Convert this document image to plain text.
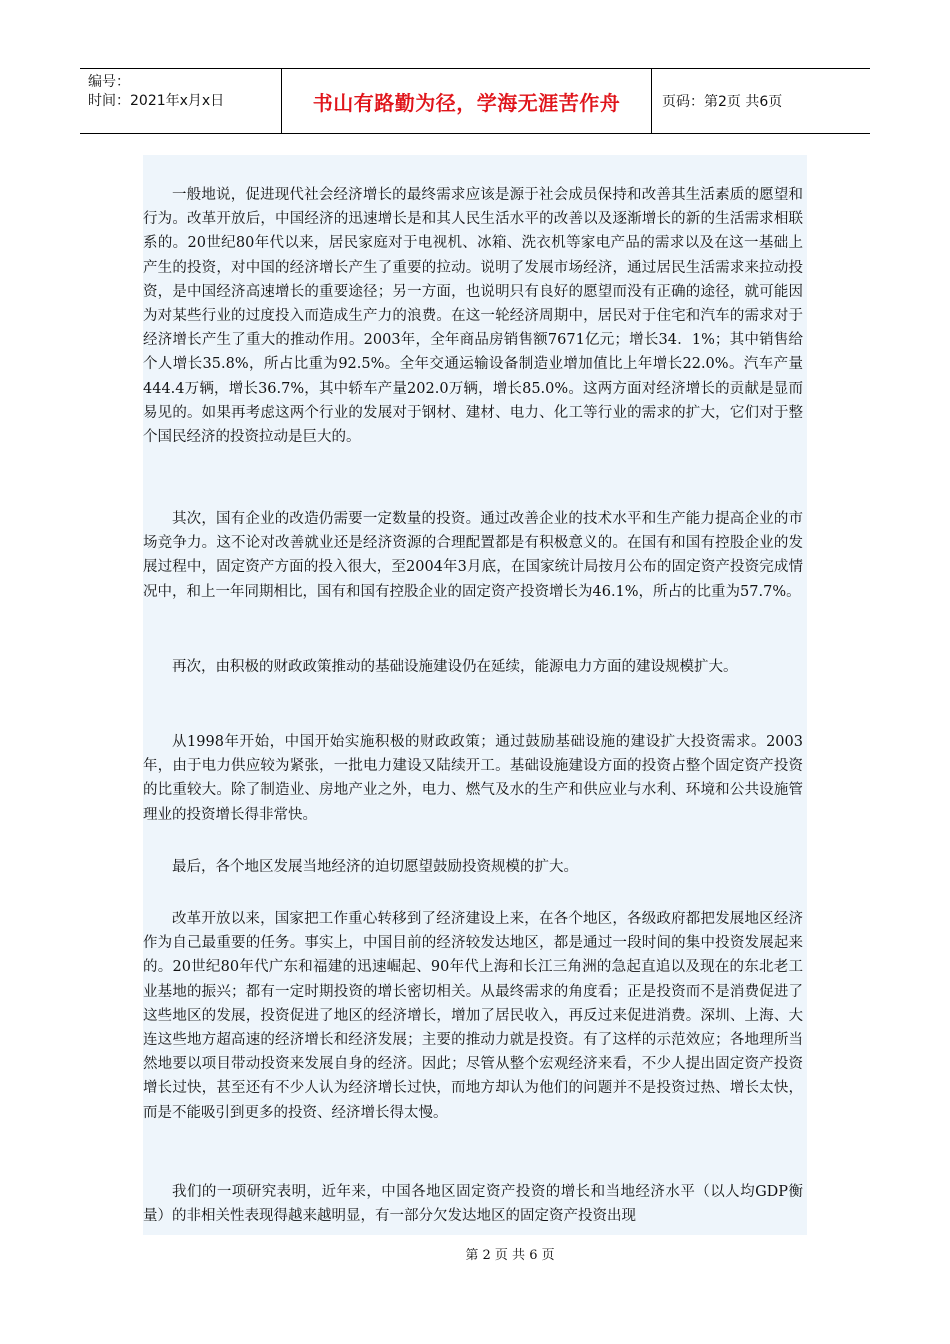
编号：
时间：2021年x月x日	书山有路勤为径，学海无涯苦作舟	页码：第2页 共6页

一般地说，促进现代社会经济增长的最终需求应该是源于社会成员保持和改善其生活素质的愿望和行为。改革开放后，中国经济的迅速增长是和其人民生活水平的改善以及逐渐增长的新的生活需求相联系的。20世纪80年代以来，居民家庭对于电视机、冰箱、洗衣机等家电产品的需求以及在这一基础上产生的投资，对中国的经济增长产生了重要的拉动。说明了发展市场经济，通过居民生活需求来拉动投资，是中国经济高速增长的重要途径；另一方面，也说明只有良好的愿望而没有正确的途径，就可能因为对某些行业的过度投入而造成生产力的浪费。在这一轮经济周期中，居民对于住宅和汽车的需求对于经济增长产生了重大的推动作用。2003年，全年商品房销售额7671亿元；增长34．1%；其中销售给个人增长35.8%，所占比重为92.5%。全年交通运输设备制造业增加值比上年增长22.0%。汽车产量444.4万辆，增长36.7%，其中轿车产量202.0万辆，增长85.0%。这两方面对经济增长的贡献是显而易见的。如果再考虑这两个行业的发展对于钢材、建材、电力、化工等行业的需求的扩大，它们对于整个国民经济的投资拉动是巨大的。

其次，国有企业的改造仍需要一定数量的投资。通过改善企业的技术水平和生产能力提高企业的市场竞争力。这不论对改善就业还是经济资源的合理配置都是有积极意义的。在国有和国有控股企业的发展过程中，固定资产方面的投入很大，至2004年3月底，在国家统计局按月公布的固定资产投资完成情况中，和上一年同期相比，国有和国有控股企业的固定资产投资增长为46.1%，所占的比重为57.7%。

再次，由积极的财政政策推动的基础设施建设仍在延续，能源电力方面的建设规模扩大。

从1998年开始，中国开始实施积极的财政政策；通过鼓励基础设施的建设扩大投资需求。2003年，由于电力供应较为紧张，一批电力建设又陆续开工。基础设施建设方面的投资占整个固定资产投资的比重较大。除了制造业、房地产业之外，电力、燃气及水的生产和供应业与水利、环境和公共设施管理业的投资增长得非常快。

最后，各个地区发展当地经济的迫切愿望鼓励投资规模的扩大。

改革开放以来，国家把工作重心转移到了经济建设上来，在各个地区，各级政府都把发展地区经济作为自己最重要的任务。事实上，中国目前的经济较发达地区，都是通过一段时间的集中投资发展起来的。20世纪80年代广东和福建的迅速崛起、90年代上海和长江三角洲的急起直追以及现在的东北老工业基地的振兴；都有一定时期投资的增长密切相关。从最终需求的角度看；正是投资而不是消费促进了这些地区的发展，投资促进了地区的经济增长，增加了居民收入，再反过来促进消费。深圳、上海、大连这些地方超高速的经济增长和经济发展；主要的推动力就是投资。有了这样的示范效应；各地理所当然地要以项目带动投资来发展自身的经济。因此；尽管从整个宏观经济来看，不少人提出固定资产投资增长过快，甚至还有不少人认为经济增长过快，而地方却认为他们的问题并不是投资过热、增长太快，而是不能吸引到更多的投资、经济增长得太慢。

我们的一项研究表明，近年来，中国各地区固定资产投资的增长和当地经济水平（以人均GDP衡量）的非相关性表现得越来越明显，有一部分欠发达地区的固定资产投资出现

第 2 页 共 6 页
